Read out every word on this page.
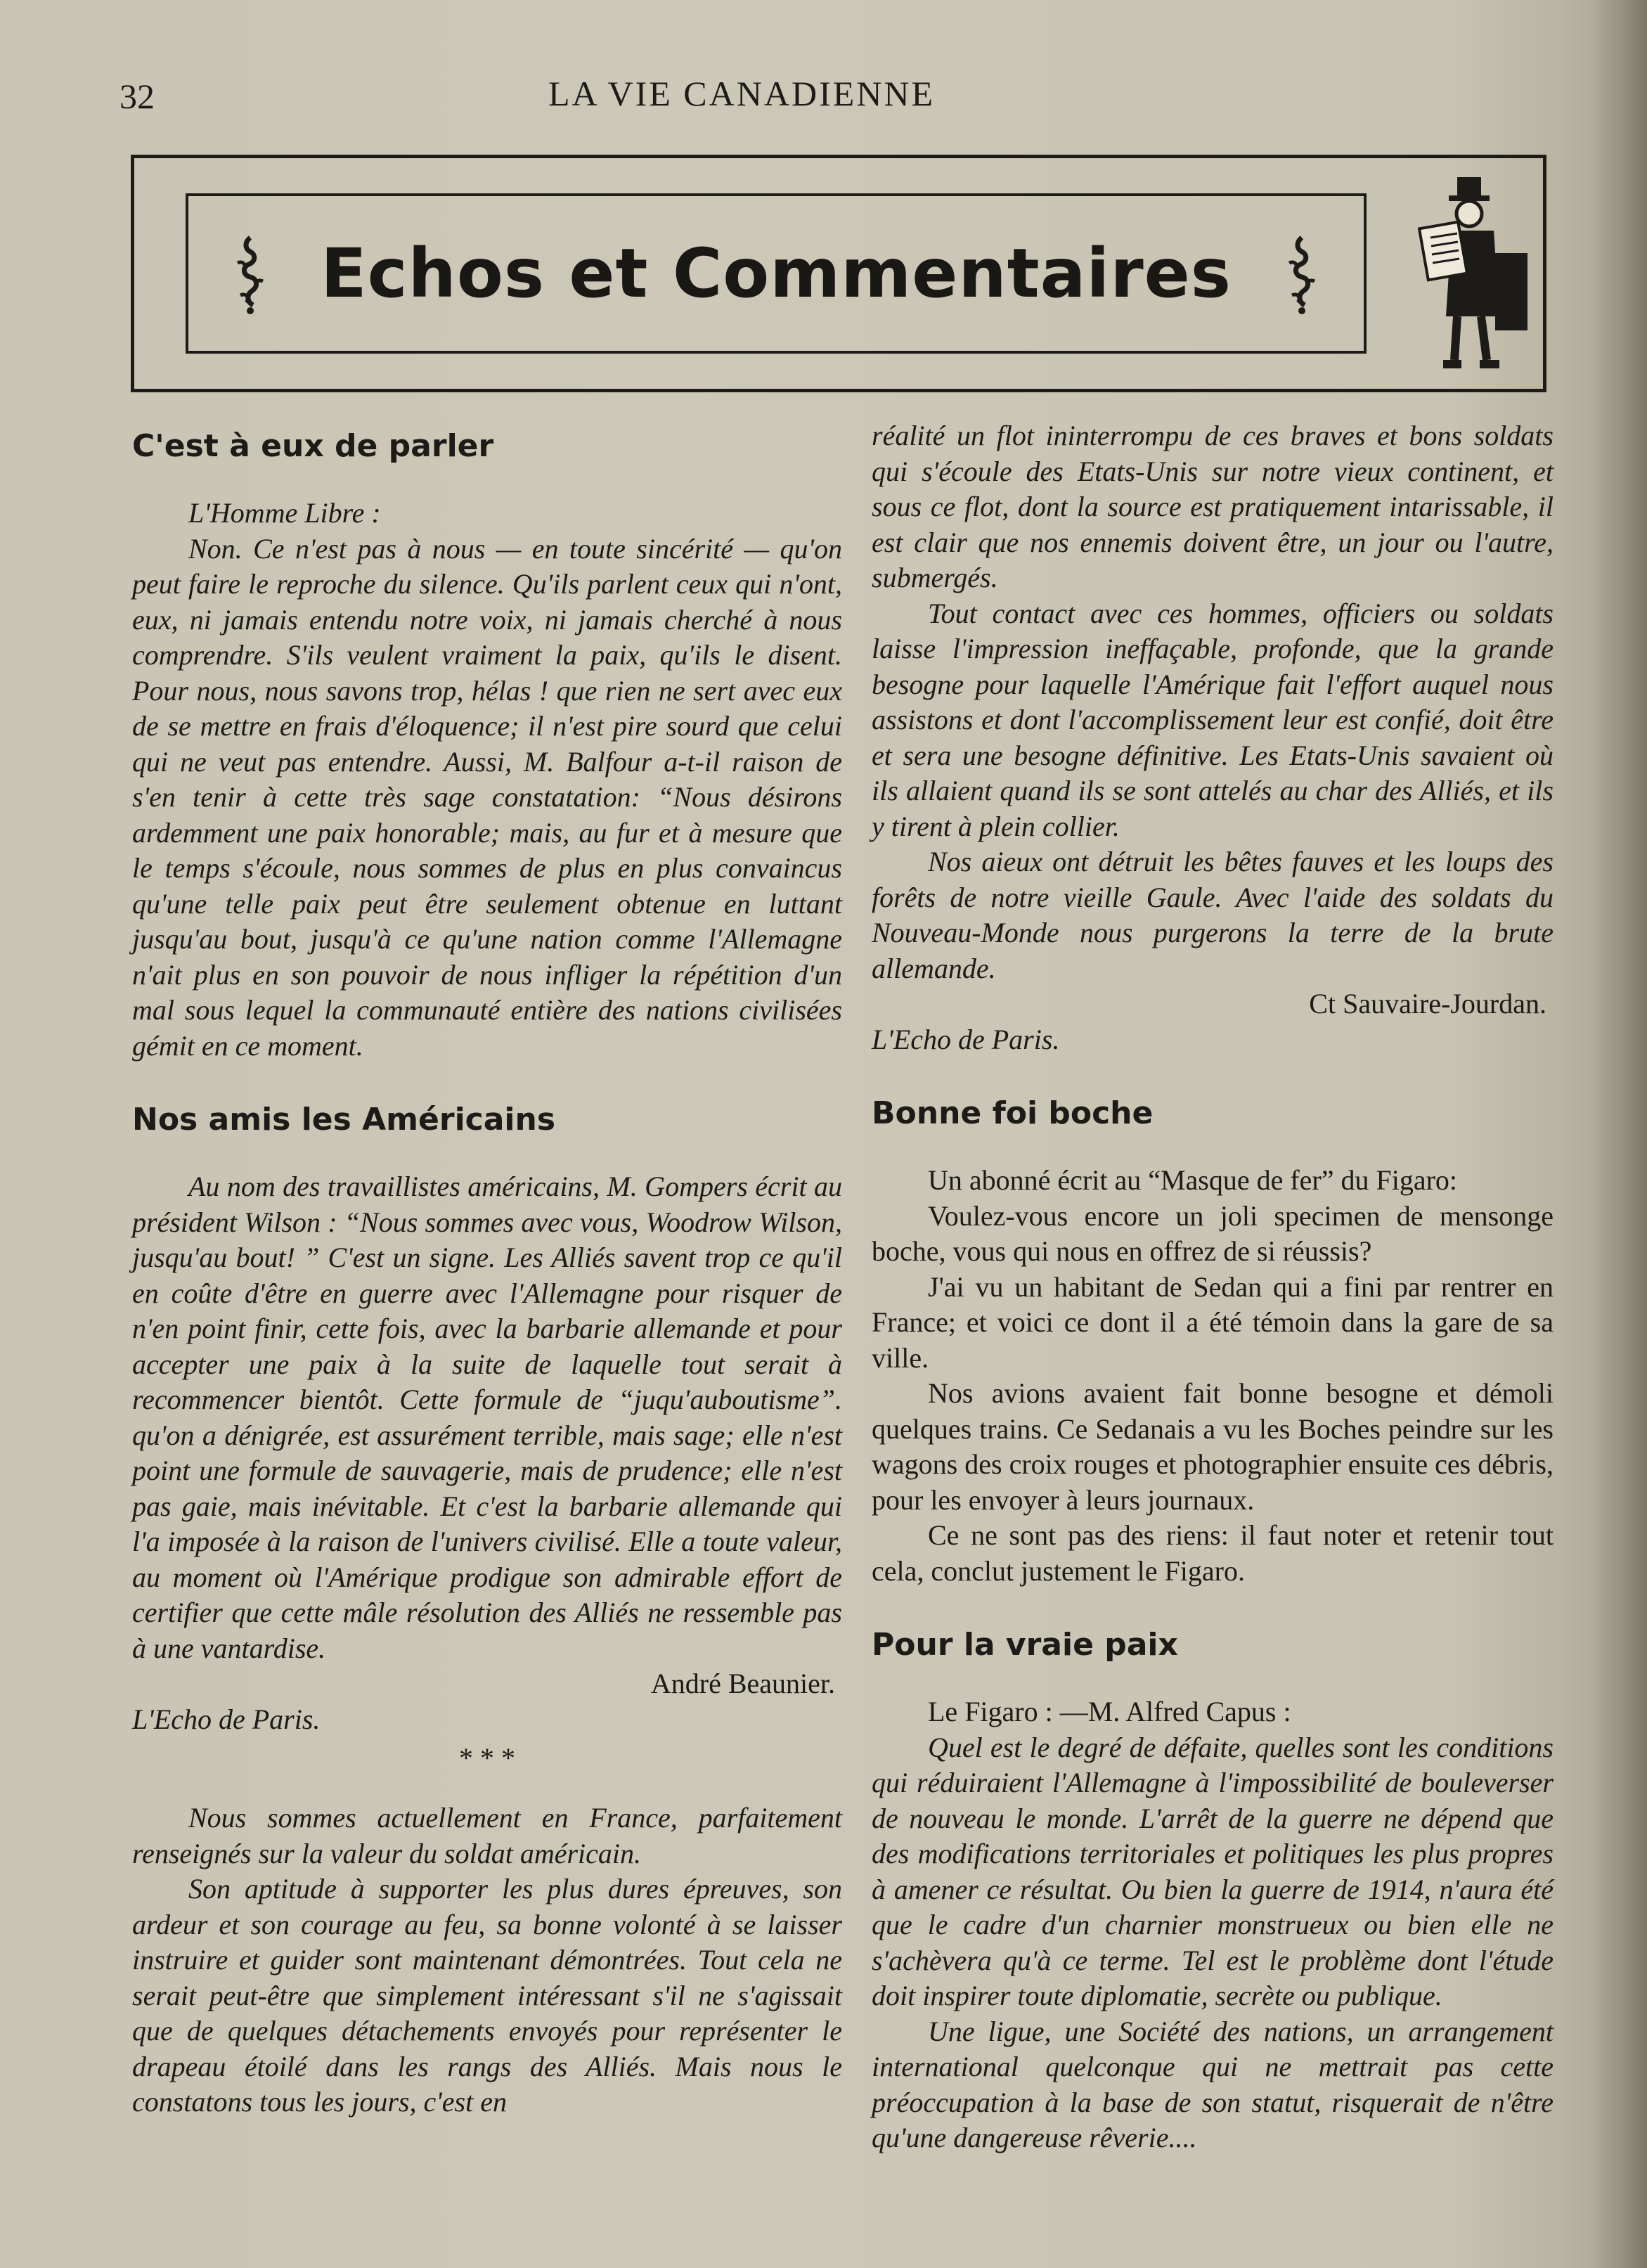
32	LA VIE CANADIENNE
Echos et Commentaires
C'est à eux de parler

L'Homme Libre :

Non. Ce n'est pas à nous — en toute sincérité — qu'on peut faire le reproche du silence. Qu'ils parlent ceux qui n'ont, eux, ni jamais entendu notre voix, ni jamais cherché à nous comprendre. S'ils veulent vraiment la paix, qu'ils le disent. Pour nous, nous savons trop, hélas ! que rien ne sert avec eux de se mettre en frais d'éloquence; il n'est pire sourd que celui qui ne veut pas entendre. Aussi, M. Balfour a-t-il raison de s'en tenir à cette très sage constatation: “Nous désirons ardemment une paix honorable; mais, au fur et à mesure que le temps s'écoule, nous sommes de plus en plus convaincus qu'une telle paix peut être seulement obtenue en luttant jusqu'au bout, jusqu'à ce qu'une nation comme l'Allemagne n'ait plus en son pouvoir de nous infliger la répétition d'un mal sous lequel la communauté entière des nations civilisées gémit en ce moment.

Nos amis les Américains

Au nom des travaillistes américains, M. Gompers écrit au président Wilson : “Nous sommes avec vous, Woodrow Wilson, jusqu'au bout! ” C'est un signe. Les Alliés savent trop ce qu'il en coûte d'être en guerre avec l'Allemagne pour risquer de n'en point finir, cette fois, avec la barbarie allemande et pour accepter une paix à la suite de laquelle tout serait à recommencer bientôt. Cette formule de “juqu'auboutisme”. qu'on a dénigrée, est assurément terrible, mais sage; elle n'est point une formule de sauvagerie, mais de prudence; elle n'est pas gaie, mais inévitable. Et c'est la barbarie allemande qui l'a imposée à la raison de l'univers civilisé. Elle a toute valeur, au moment où l'Amérique prodigue son admirable effort de certifier que cette mâle résolution des Alliés ne ressemble pas à une vantardise.

André Beaunier.

L'Echo de Paris.

* * *

Nous sommes actuellement en France, parfaitement renseignés sur la valeur du soldat américain.

Son aptitude à supporter les plus dures épreuves, son ardeur et son courage au feu, sa bonne volonté à se laisser instruire et guider sont maintenant démontrées. Tout cela ne serait peut-être que simplement intéressant s'il ne s'agissait que de quelques détachements envoyés pour représenter le drapeau étoilé dans les rangs des Alliés. Mais nous le constatons tous les jours, c'est en

réalité un flot ininterrompu de ces braves et bons soldats qui s'écoule des Etats-Unis sur notre vieux continent, et sous ce flot, dont la source est pratiquement intarissable, il est clair que nos ennemis doivent être, un jour ou l'autre, submergés.

Tout contact avec ces hommes, officiers ou soldats laisse l'impression ineffaçable, profonde, que la grande besogne pour laquelle l'Amérique fait l'effort auquel nous assistons et dont l'accomplissement leur est confié, doit être et sera une besogne définitive. Les Etats-Unis savaient où ils allaient quand ils se sont attelés au char des Alliés, et ils y tirent à plein collier.

Nos aieux ont détruit les bêtes fauves et les loups des forêts de notre vieille Gaule. Avec l'aide des soldats du Nouveau-Monde nous purgerons la terre de la brute allemande.

Ct Sauvaire-Jourdan.

L'Echo de Paris.

Bonne foi boche

Un abonné écrit au “Masque de fer” du Figaro:

Voulez-vous encore un joli specimen de mensonge boche, vous qui nous en offrez de si réussis?

J'ai vu un habitant de Sedan qui a fini par rentrer en France; et voici ce dont il a été témoin dans la gare de sa ville.

Nos avions avaient fait bonne besogne et démoli quelques trains. Ce Sedanais a vu les Boches peindre sur les wagons des croix rouges et photographier ensuite ces débris, pour les envoyer à leurs journaux.

Ce ne sont pas des riens: il faut noter et retenir tout cela, conclut justement le Figaro.

Pour la vraie paix

Le Figaro : —M. Alfred Capus :

Quel est le degré de défaite, quelles sont les conditions qui réduiraient l'Allemagne à l'impossibilité de bouleverser de nouveau le monde. L'arrêt de la guerre ne dépend que des modifications territoriales et politiques les plus propres à amener ce résultat. Ou bien la guerre de 1914, n'aura été que le cadre d'un charnier monstrueux ou bien elle ne s'achèvera qu'à ce terme. Tel est le problème dont l'étude doit inspirer toute diplomatie, secrète ou publique.

Une ligue, une Société des nations, un arrangement international quelconque qui ne mettrait pas cette préoccupation à la base de son statut, risquerait de n'être qu'une dangereuse rêverie....
